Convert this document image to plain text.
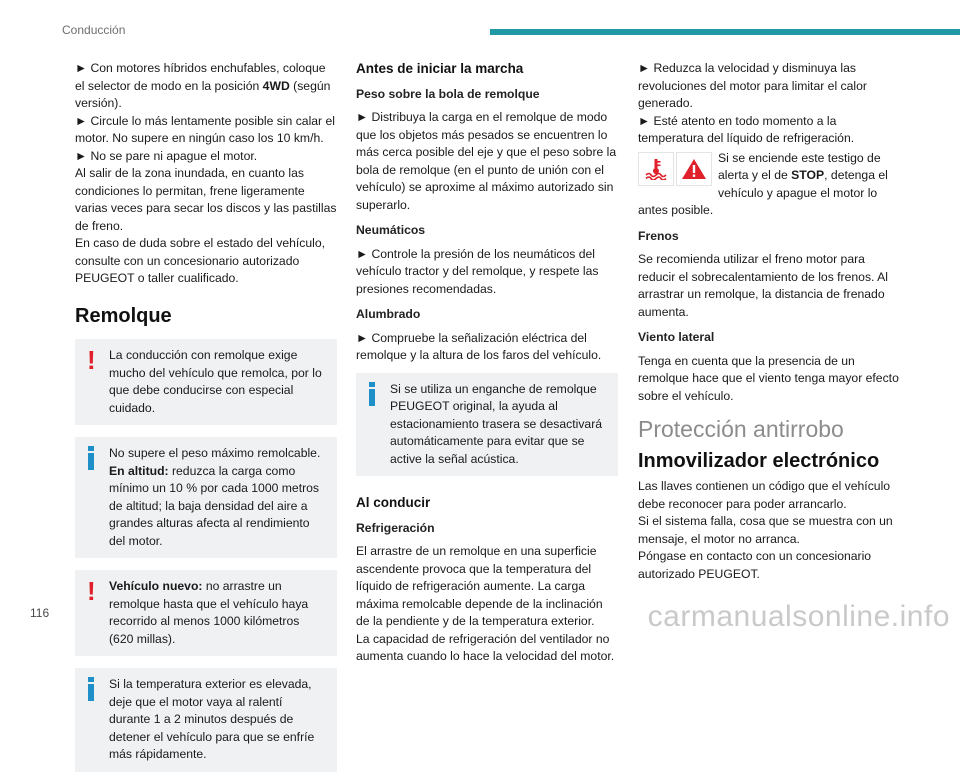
Conducción

► Con motores híbridos enchufables, coloque el selector de modo en la posición 4WD (según versión).

► Circule lo más lentamente posible sin calar el motor. No supere en ningún caso los 10 km/h.

► No se pare ni apague el motor.

Al salir de la zona inundada, en cuanto las condiciones lo permitan, frene ligeramente varias veces para secar los discos y las pastillas de freno.

En caso de duda sobre el estado del vehículo, consulte con un concesionario autorizado PEUGEOT o taller cualificado.

Remolque
!	La conducción con remolque exige mucho del vehículo que remolca, por lo que debe conducirse con especial cuidado.

No supere el peso máximo remolcable.

En altitud: reduzca la carga como mínimo un 10 % por cada 1000 metros de altitud; la baja densidad del aire a grandes alturas afecta al rendimiento del motor.

!	Vehículo nuevo: no arrastre un remolque hasta que el vehículo haya recorrido al menos 1000 kilómetros (620 millas).

Si la temperatura exterior es elevada, deje que el motor vaya al ralentí durante 1 a 2 minutos después de detener el vehículo para que se enfríe más rápidamente.

Antes de iniciar la marcha
Peso sobre la bola de remolque

► Distribuya la carga en el remolque de modo que los objetos más pesados se encuentren lo más cerca posible del eje y que el peso sobre la bola de remolque (en el punto de unión con el vehículo) se aproxime al máximo autorizado sin superarlo.

Neumáticos

► Controle la presión de los neumáticos del vehículo tractor y del remolque, y respete las presiones recomendadas.

Alumbrado

► Compruebe la señalización eléctrica del remolque y la altura de los faros del vehículo.

Si se utiliza un enganche de remolque PEUGEOT original, la ayuda al estacionamiento trasera se desactivará automáticamente para evitar que se active la señal acústica.

Al conducir
Refrigeración

El arrastre de un remolque en una superficie ascendente provoca que la temperatura del líquido de refrigeración aumente. La carga máxima remolcable depende de la inclinación de la pendiente y de la temperatura exterior.

La capacidad de refrigeración del ventilador no aumenta cuando lo hace la velocidad del motor.

► Reduzca la velocidad y disminuya las revoluciones del motor para limitar el calor generado.

► Esté atento en todo momento a la temperatura del líquido de refrigeración.

Si se enciende este testigo de alerta y el de STOP, detenga el vehículo y apague el motor lo antes posible.

Frenos

Se recomienda utilizar el freno motor para reducir el sobrecalentamiento de los frenos. Al arrastrar un remolque, la distancia de frenado aumenta.

Viento lateral

Tenga en cuenta que la presencia de un remolque hace que el viento tenga mayor efecto sobre el vehículo.

Protección antirrobo
Inmovilizador electrónico

Las llaves contienen un código que el vehículo debe reconocer para poder arrancarlo.

Si el sistema falla, cosa que se muestra con un mensaje, el motor no arranca.

Póngase en contacto con un concesionario autorizado PEUGEOT.

116	carmanualsonline.info
